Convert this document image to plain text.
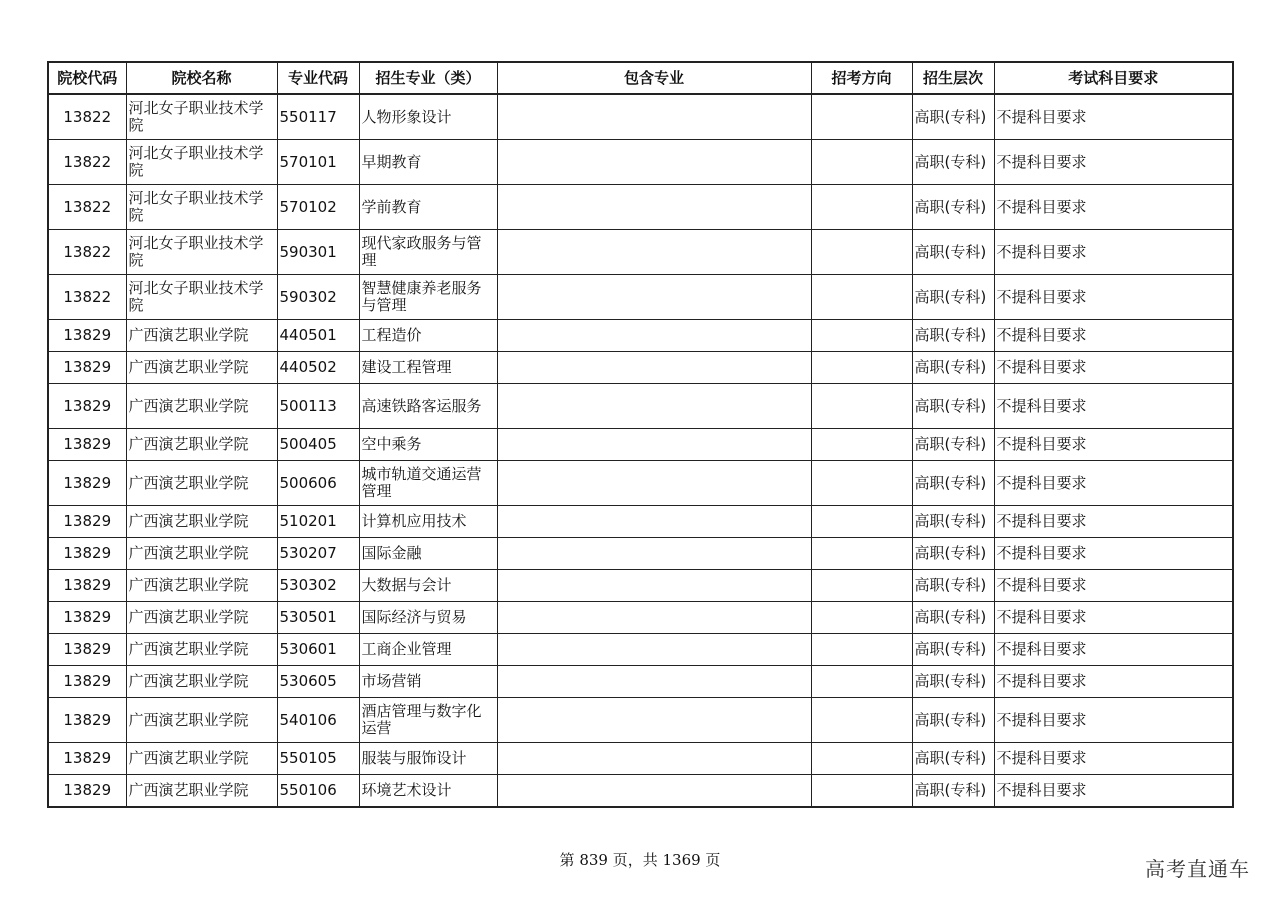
院校代码	院校名称	专业代码	招生专业（类）	包含专业	招考方向	招生层次	考试科目要求
13822	河北女子职业技术学院	550117	人物形象设计			高职(专科)	不提科目要求
13822	河北女子职业技术学院	570101	早期教育			高职(专科)	不提科目要求
13822	河北女子职业技术学院	570102	学前教育			高职(专科)	不提科目要求
13822	河北女子职业技术学院	590301	现代家政服务与管理			高职(专科)	不提科目要求
13822	河北女子职业技术学院	590302	智慧健康养老服务与管理			高职(专科)	不提科目要求
13829	广西演艺职业学院	440501	工程造价			高职(专科)	不提科目要求
13829	广西演艺职业学院	440502	建设工程管理			高职(专科)	不提科目要求
13829	广西演艺职业学院	500113	高速铁路客运服务			高职(专科)	不提科目要求
13829	广西演艺职业学院	500405	空中乘务			高职(专科)	不提科目要求
13829	广西演艺职业学院	500606	城市轨道交通运营管理			高职(专科)	不提科目要求
13829	广西演艺职业学院	510201	计算机应用技术			高职(专科)	不提科目要求
13829	广西演艺职业学院	530207	国际金融			高职(专科)	不提科目要求
13829	广西演艺职业学院	530302	大数据与会计			高职(专科)	不提科目要求
13829	广西演艺职业学院	530501	国际经济与贸易			高职(专科)	不提科目要求
13829	广西演艺职业学院	530601	工商企业管理			高职(专科)	不提科目要求
13829	广西演艺职业学院	530605	市场营销			高职(专科)	不提科目要求
13829	广西演艺职业学院	540106	酒店管理与数字化运营			高职(专科)	不提科目要求
13829	广西演艺职业学院	550105	服装与服饰设计			高职(专科)	不提科目要求
13829	广西演艺职业学院	550106	环境艺术设计			高职(专科)	不提科目要求
第 839 页，共 1369 页	高考直通车
